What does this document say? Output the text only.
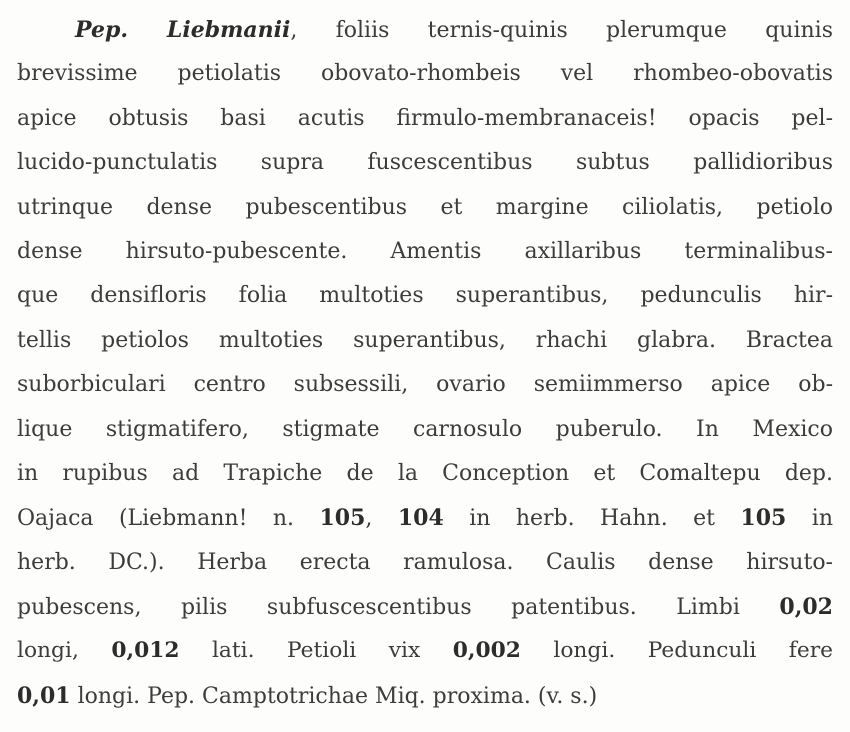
Pep. Liebmanii, foliis ternis-quinis plerumque quinis
brevissime petiolatis obovato-rhombeis vel rhombeo-obovatis
apice obtusis basi acutis firmulo-membranaceis! opacis pel-
lucido-punctulatis supra fuscescentibus subtus pallidioribus
utrinque dense pubescentibus et margine ciliolatis, petiolo
dense hirsuto-pubescente. Amentis axillaribus terminalibus-
que densifloris folia multoties superantibus, pedunculis hir-
tellis petiolos multoties superantibus, rhachi glabra. Bractea
suborbiculari centro subsessili, ovario semiimmerso apice ob-
lique stigmatifero, stigmate carnosulo puberulo. In Mexico
in rupibus ad Trapiche de la Conception et Comaltepu dep.
Oajaca (Liebmann! n. 105, 104 in herb. Hahn. et 105 in
herb. DC.). Herba erecta ramulosa. Caulis dense hirsuto-
pubescens, pilis subfuscescentibus patentibus. Limbi 0,02
longi, 0,012 lati. Petioli vix 0,002 longi. Pedunculi fere
0,01 longi. Pep. Camptotrichae Miq. proxima. (v. s.)
